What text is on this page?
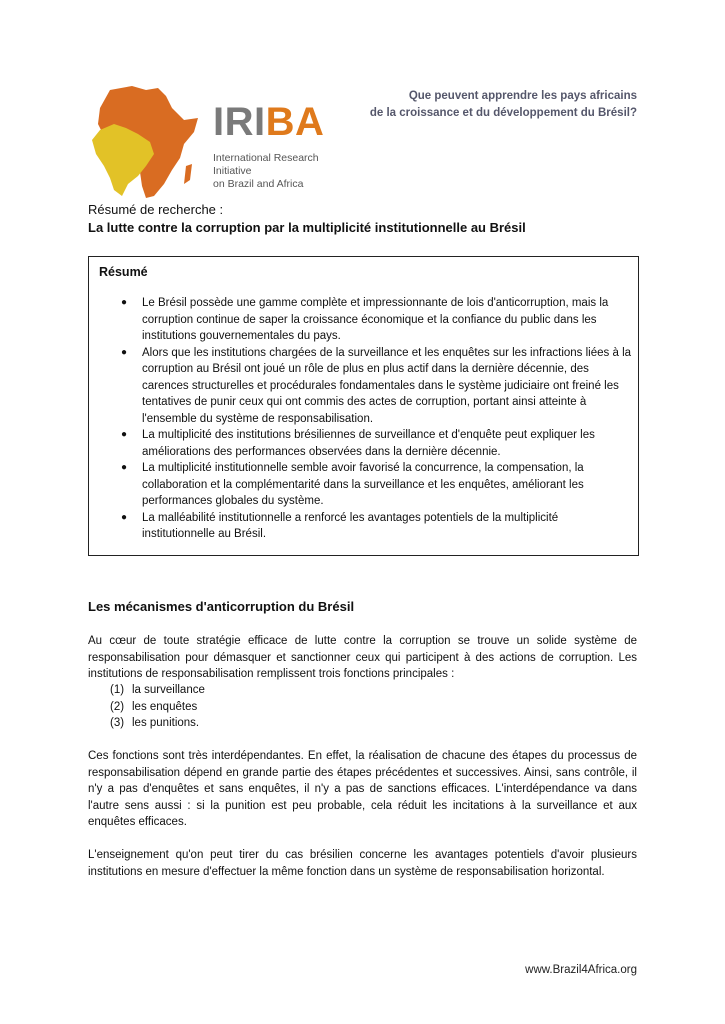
IRIBA
International Research Initiative
on Brazil and Africa
Que peuvent apprendre les pays africains
de la croissance et du développement du Brésil?
Résumé de recherche :
La lutte contre la corruption par la multiplicité institutionnelle au Brésil
Résumé
● Le Brésil possède une gamme complète et impressionnante de lois d'anticorruption, mais la corruption continue de saper la croissance économique et la confiance du public dans les institutions gouvernementales du pays.
● Alors que les institutions chargées de la surveillance et les enquêtes sur les infractions liées à la corruption au Brésil ont joué un rôle de plus en plus actif dans la dernière décennie, des carences structurelles et procédurales fondamentales dans le système judiciaire ont freiné les tentatives de punir ceux qui ont commis des actes de corruption, portant ainsi atteinte à l'ensemble du système de responsabilisation.
● La multiplicité des institutions brésiliennes de surveillance et d'enquête peut expliquer les améliorations des performances observées dans la dernière décennie.
● La multiplicité institutionnelle semble avoir favorisé la concurrence, la compensation, la collaboration et la complémentarité dans la surveillance et les enquêtes, améliorant les performances globales du système.
● La malléabilité institutionnelle a renforcé les avantages potentiels de la multiplicité institutionnelle au Brésil.
Les mécanismes d'anticorruption du Brésil
Au cœur de toute stratégie efficace de lutte contre la corruption se trouve un solide système de responsabilisation pour démasquer et sanctionner ceux qui participent à des actions de corruption. Les institutions de responsabilisation remplissent trois fonctions principales :
(1) la surveillance
(2) les enquêtes
(3) les punitions.
Ces fonctions sont très interdépendantes. En effet, la réalisation de chacune des étapes du processus de responsabilisation dépend en grande partie des étapes précédentes et successives. Ainsi, sans contrôle, il n'y a pas d'enquêtes et sans enquêtes, il n'y a pas de sanctions efficaces. L'interdépendance va dans l'autre sens aussi : si la punition est peu probable, cela réduit les incitations à la surveillance et aux enquêtes efficaces.
L'enseignement qu'on peut tirer du cas brésilien concerne les avantages potentiels d'avoir plusieurs institutions en mesure d'effectuer la même fonction dans un système de responsabilisation horizontal.
www.Brazil4Africa.org
